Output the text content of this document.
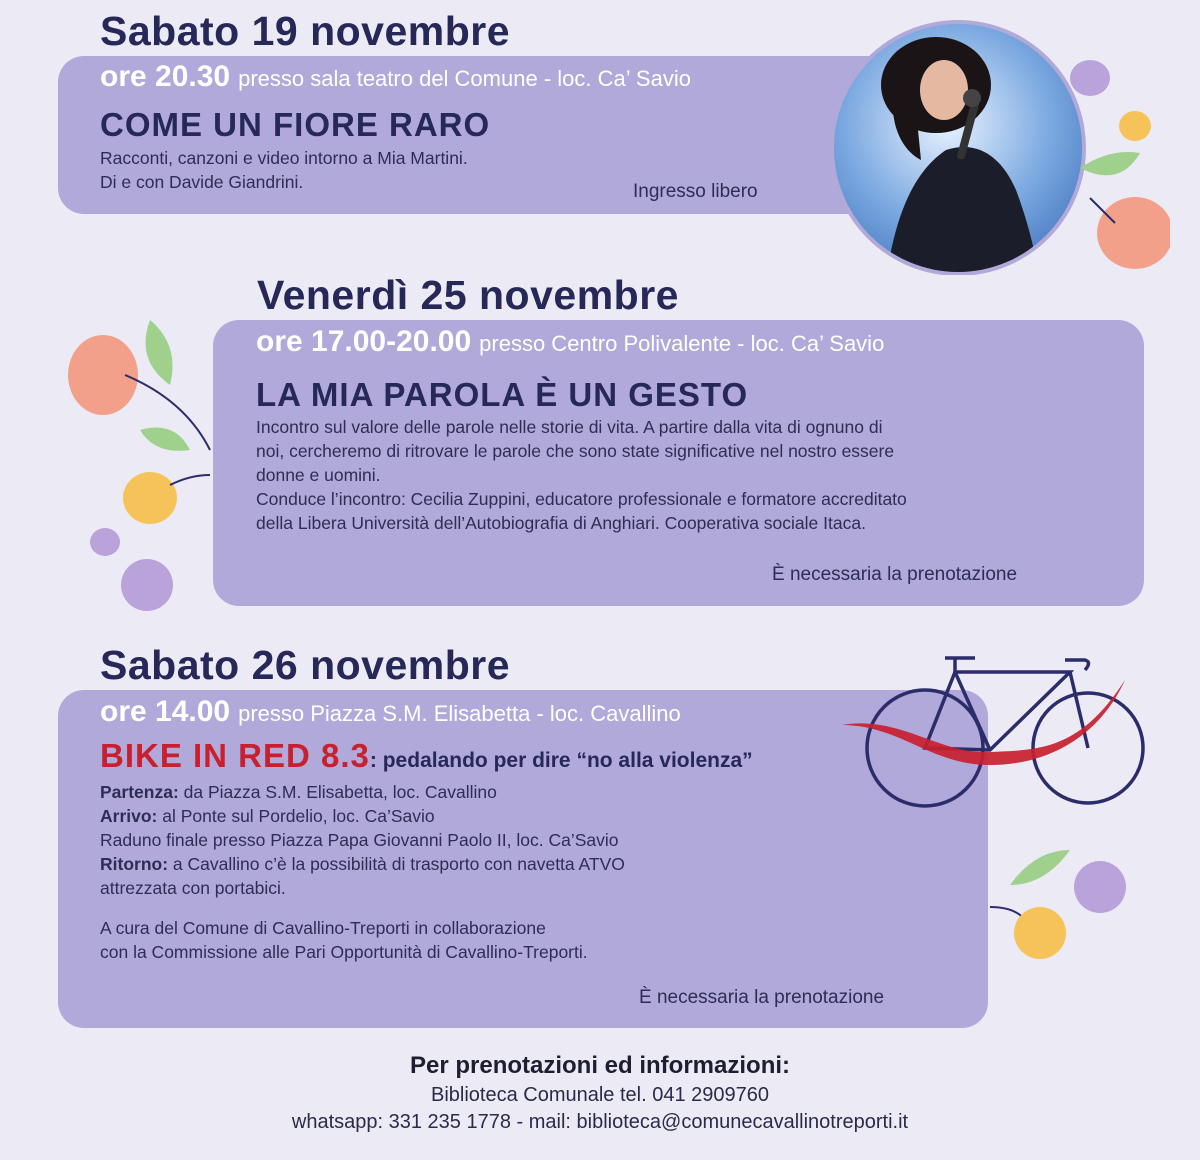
Sabato 19 novembre
ore 20.30 presso sala teatro del Comune - loc. Ca’ Savio
COME UN FIORE RARO
Racconti, canzoni e video intorno a Mia Martini.
Di e con Davide Giandrini.	Ingresso libero
Venerdì 25 novembre
ore 17.00-20.00 presso Centro Polivalente - loc. Ca’ Savio
LA MIA PAROLA È UN GESTO
Incontro sul valore delle parole nelle storie di vita. A partire dalla vita di ognuno di
noi, cercheremo di ritrovare le parole che sono state significative nel nostro essere
donne e uomini.
Conduce l’incontro: Cecilia Zuppini, educatore professionale e formatore accreditato
della Libera Università dell’Autobiografia di Anghiari. Cooperativa sociale Itaca.
È necessaria la prenotazione
Sabato 26 novembre
ore 14.00 presso Piazza S.M. Elisabetta - loc. Cavallino
BIKE IN RED 8.3: pedalando per dire “no alla violenza”
Partenza: da Piazza S.M. Elisabetta, loc. Cavallino
Arrivo: al Ponte sul Pordelio, loc. Ca’Savio
Raduno finale presso Piazza Papa Giovanni Paolo II, loc. Ca’Savio
Ritorno: a Cavallino c’è la possibilità di trasporto con navetta ATVO
attrezzata con portabici.
A cura del Comune di Cavallino-Treporti in collaborazione
con la Commissione alle Pari Opportunità di Cavallino-Treporti.
È necessaria la prenotazione
Per prenotazioni ed informazioni:
Biblioteca Comunale tel. 041 2909760
whatsapp: 331 235 1778 - mail: biblioteca@comunecavallinotreporti.it
